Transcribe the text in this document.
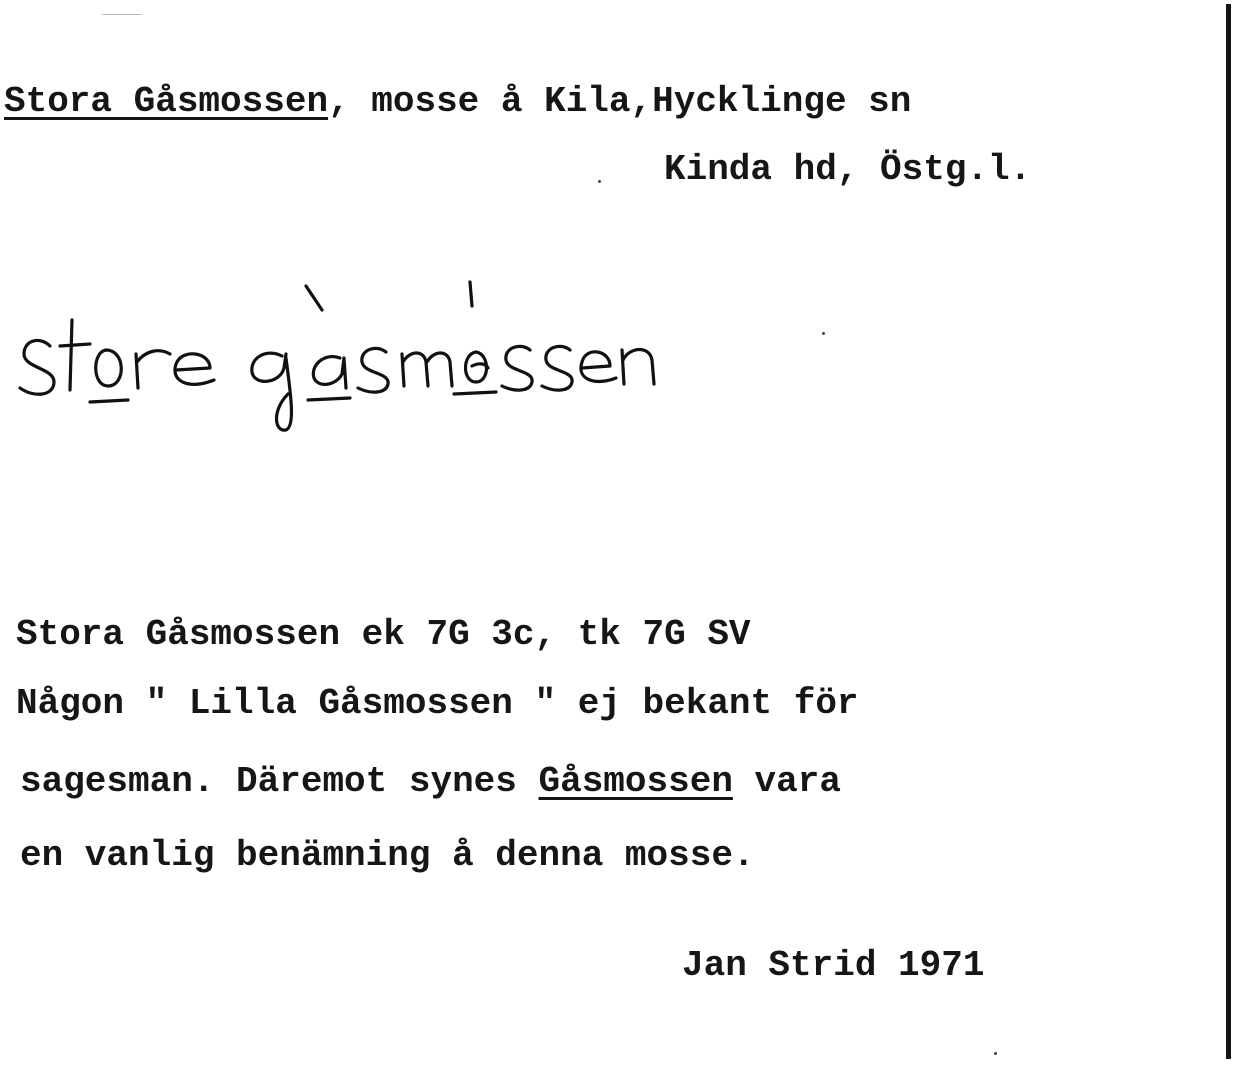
Stora Gåsmossen, mosse å Kila,Hycklinge sn
Kinda hd, Östg.l.
Stora Gåsmossen ek 7G 3c, tk 7G SV
Någon " Lilla Gåsmossen " ej bekant för
sagesman. Däremot synes Gåsmossen vara
en vanlig benämning å denna mosse.
Jan Strid 1971
